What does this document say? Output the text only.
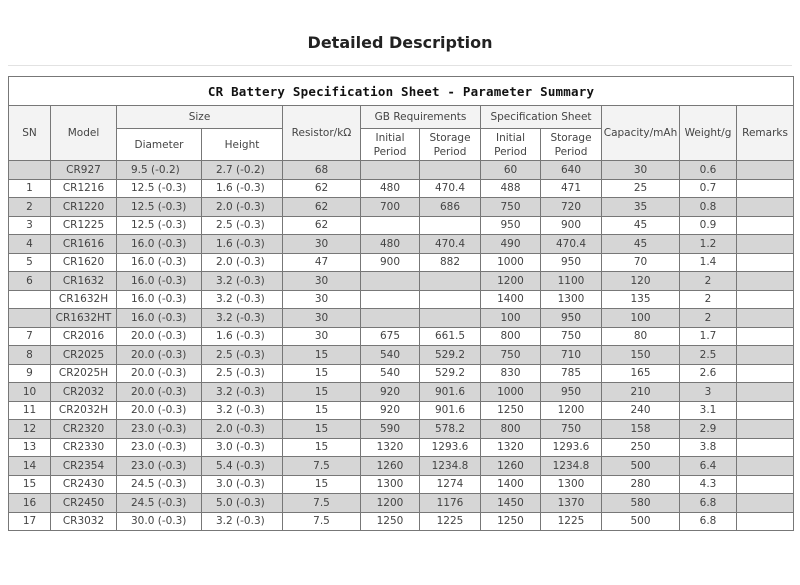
Detailed Description
CR Battery Specification Sheet - Parameter Summary											
SN	Model	Size		Resistor/kΩ	GB Requirements		Specification Sheet		Capacity/mAh	Weight/g	Remarks
		Diameter	Height		Initial Period	Storage Period	Initial Period	Storage Period			
	CR927	9.5 (-0.2)	2.7 (-0.2)	68			60	640	30	0.6	
1	CR1216	12.5 (-0.3)	1.6 (-0.3)	62	480	470.4	488	471	25	0.7	
2	CR1220	12.5 (-0.3)	2.0 (-0.3)	62	700	686	750	720	35	0.8	
3	CR1225	12.5 (-0.3)	2.5 (-0.3)	62			950	900	45	0.9	
4	CR1616	16.0 (-0.3)	1.6 (-0.3)	30	480	470.4	490	470.4	45	1.2	
5	CR1620	16.0 (-0.3)	2.0 (-0.3)	47	900	882	1000	950	70	1.4	
6	CR1632	16.0 (-0.3)	3.2 (-0.3)	30			1200	1100	120	2	
	CR1632H	16.0 (-0.3)	3.2 (-0.3)	30			1400	1300	135	2	
	CR1632HT	16.0 (-0.3)	3.2 (-0.3)	30			100	950	100	2	
7	CR2016	20.0 (-0.3)	1.6 (-0.3)	30	675	661.5	800	750	80	1.7	
8	CR2025	20.0 (-0.3)	2.5 (-0.3)	15	540	529.2	750	710	150	2.5	
9	CR2025H	20.0 (-0.3)	2.5 (-0.3)	15	540	529.2	830	785	165	2.6	
10	CR2032	20.0 (-0.3)	3.2 (-0.3)	15	920	901.6	1000	950	210	3	
11	CR2032H	20.0 (-0.3)	3.2 (-0.3)	15	920	901.6	1250	1200	240	3.1	
12	CR2320	23.0 (-0.3)	2.0 (-0.3)	15	590	578.2	800	750	158	2.9	
13	CR2330	23.0 (-0.3)	3.0 (-0.3)	15	1320	1293.6	1320	1293.6	250	3.8	
14	CR2354	23.0 (-0.3)	5.4 (-0.3)	7.5	1260	1234.8	1260	1234.8	500	6.4	
15	CR2430	24.5 (-0.3)	3.0 (-0.3)	15	1300	1274	1400	1300	280	4.3	
16	CR2450	24.5 (-0.3)	5.0 (-0.3)	7.5	1200	1176	1450	1370	580	6.8	
17	CR3032	30.0 (-0.3)	3.2 (-0.3)	7.5	1250	1225	1250	1225	500	6.8	
